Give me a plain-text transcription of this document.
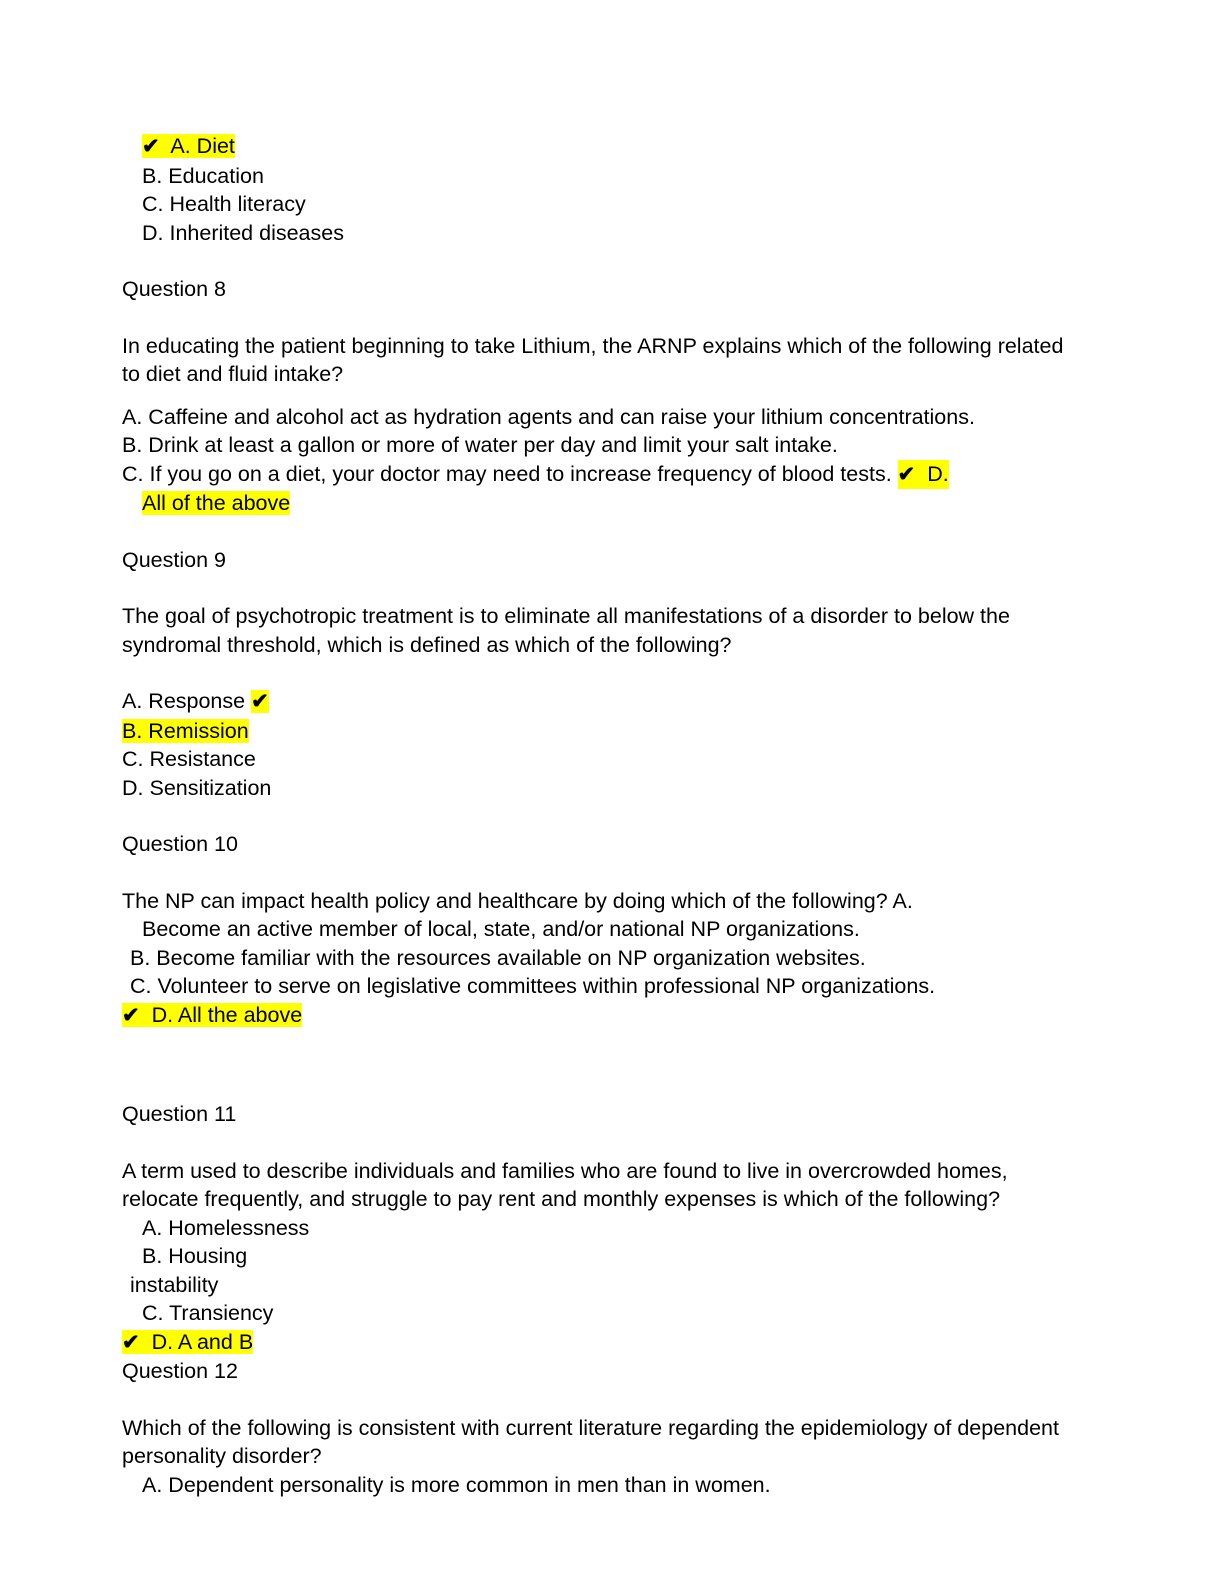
✔ A. Diet
B. Education
C. Health literacy
D. Inherited diseases
Question 8
In educating the patient beginning to take Lithium, the ARNP explains which of the following related to diet and fluid intake?
A. Caffeine and alcohol act as hydration agents and can raise your lithium concentrations.
B. Drink at least a gallon or more of water per day and limit your salt intake.
C. If you go on a diet, your doctor may need to increase frequency of blood tests. ✔ D.
All of the above
Question 9
The goal of psychotropic treatment is to eliminate all manifestations of a disorder to below the syndromal threshold, which is defined as which of the following?
A. Response ✔
B. Remission
C. Resistance
D. Sensitization
Question 10
The NP can impact health policy and healthcare by doing which of the following? A.
Become an active member of local, state, and/or national NP organizations.
B. Become familiar with the resources available on NP organization websites.
C. Volunteer to serve on legislative committees within professional NP organizations.
✔ D. All the above
Question 11
A term used to describe individuals and families who are found to live in overcrowded homes, relocate frequently, and struggle to pay rent and monthly expenses is which of the following?
A. Homelessness
B. Housing
instability
C. Transiency
✔ D. A and B
Question 12
Which of the following is consistent with current literature regarding the epidemiology of dependent personality disorder?
A. Dependent personality is more common in men than in women.
